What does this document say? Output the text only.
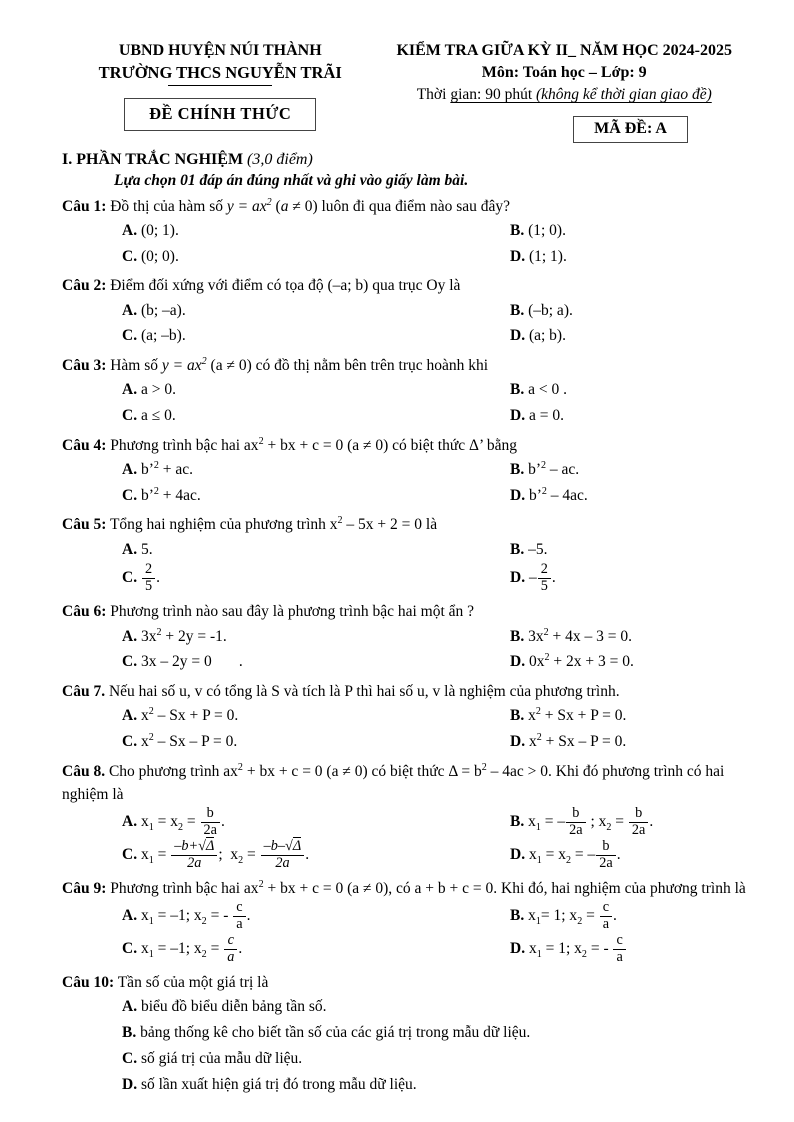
UBND HUYỆN NÚI THÀNH
TRƯỜNG THCS NGUYỄN TRÃI
ĐỀ CHÍNH THỨC
KIỂM TRA GIỮA KỲ II_ NĂM HỌC 2024-2025
Môn: Toán học – Lớp: 9
Thời gian: 90 phút (không kể thời gian giao đề)
MÃ ĐỀ: A
I. PHẦN TRẮC NGHIỆM (3,0 điểm)
Lựa chọn 01 đáp án đúng nhất và ghi vào giấy làm bài.
Câu 1: Đồ thị của hàm số $y = ax^2$ (a ≠ 0) luôn đi qua điểm nào sau đây?
A. (0; 1).	B. (1; 0).
C. (0; 0).	D. (1; 1).
Câu 2: Điểm đối xứng với điểm có tọa độ (–a; b) qua trục Oy là
A. (b; –a).	B. (–b; a).
C. (a; –b).	D. (a; b).
Câu 3: Hàm số $y = ax^2$ (a ≠ 0) có đồ thị nằm bên trên trục hoành khi
A. a > 0.	B. a < 0 .
C. a ≤ 0.	D. a = 0.
Câu 4: Phương trình bậc hai $ax^2$ + bx + c = 0 (a ≠ 0) có biệt thức Δ’ bằng
A. b’$^2$ + ac.	B. b’$^2$ – ac.
C. b’$^2$ + 4ac.	D. b’$^2$ – 4ac.
Câu 5: Tổng hai nghiệm của phương trình $x^2 - 5x + 2 = 0$ là
A. 5.	B. –5.
C. $\frac{2}{5}$ .	D. – $\frac{2}{5}$ .
Câu 6: Phương trình nào sau đây là phương trình bậc hai một ẩn ?
A. $3x^2 + 2y = -1$.	B. $3x^2 + 4x - 3 = 0$.
C. 3x – 2y = 0       .	D. $0x^2 + 2x + 3 = 0$.
Câu 7. Nếu hai số u, v có tổng là S và tích là P thì hai số u, v là nghiệm của phương trình.
A. $x^2 - Sx + P = 0$.	B. $x^2 + Sx + P = 0$.
C. $x^2 - Sx - P = 0$.	D. $x^2 + Sx - P = 0$.
Câu 8. Cho phương trình $ax^2$ + bx + c = 0 (a ≠ 0) có biệt thức $\Delta = b^2 - 4ac > 0$. Khi đó phương trình có hai nghiệm là
A. $x_1 = x_2 = \frac{b}{2a}$ .	B. $x_1$ = – $\frac{b}{2a}$ ; $x_2 = \frac{b}{2a}$ .
C. $x_1 = \frac{-b+√\Delta}{2a}$ ;  $x_2 = \frac{-b-√\Delta}{2a}$ .	D. $x_1 = x_2$ = – $\frac{b}{2a}$ .
Câu 9: Phương trình bậc hai $ax^2$ + bx + c = 0 (a ≠ 0), có a + b + c = 0. Khi đó, hai nghiệm của phương trình là
A. $x_1 = -1$; $x_2$ = - $\frac{c}{a}$ .	B. $x_1= 1$; $x_2 = \frac{c}{a}$ .
C. $x_1 = -1$; $x_2 = \frac{c}{a}$ .	D. $x_1 = 1$; $x_2$ = - $\frac{c}{a}$
Câu 10: Tần số của một giá trị là
A. biểu đồ biểu diễn bảng tần số.
B. bảng thống kê cho biết tần số của các giá trị trong mẫu dữ liệu.
C. số giá trị của mẫu dữ liệu.
D. số lần xuất hiện giá trị đó trong mẫu dữ liệu.
